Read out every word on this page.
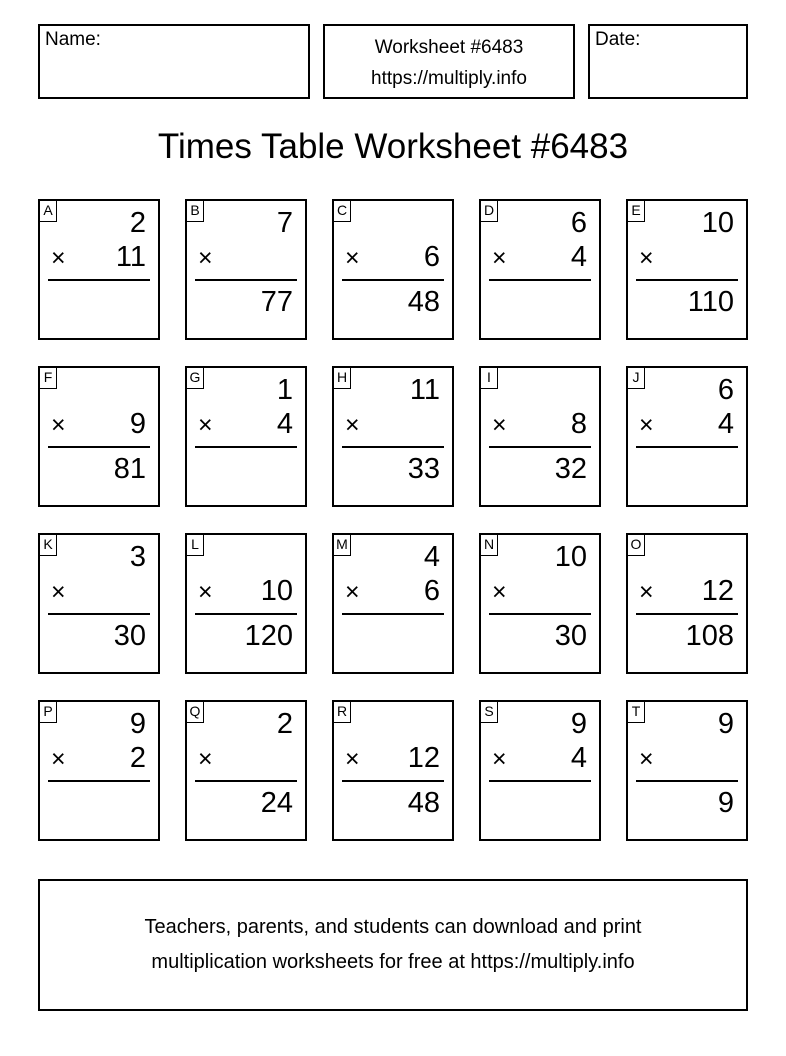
Name:	Worksheet #6483
https://multiply.info
Date:
Times Table Worksheet #6483
A	2
× 11
B	7
×
77
C
× 6
48
D	6
× 4
E 10
×
110
F
× 9
81
G	1
× 4
H 11
×
33
I
× 8
32
J	6
× 4
K	3
×
30
L
× 10
120
M	4
× 6
N 10
×
30
O
× 12
108
P	9
× 2
Q	2
×
24
R
× 12
48
S	9
× 4
T	9
×
9
Teachers, parents, and students can download and print
multiplication worksheets for free at https://multiply.info
